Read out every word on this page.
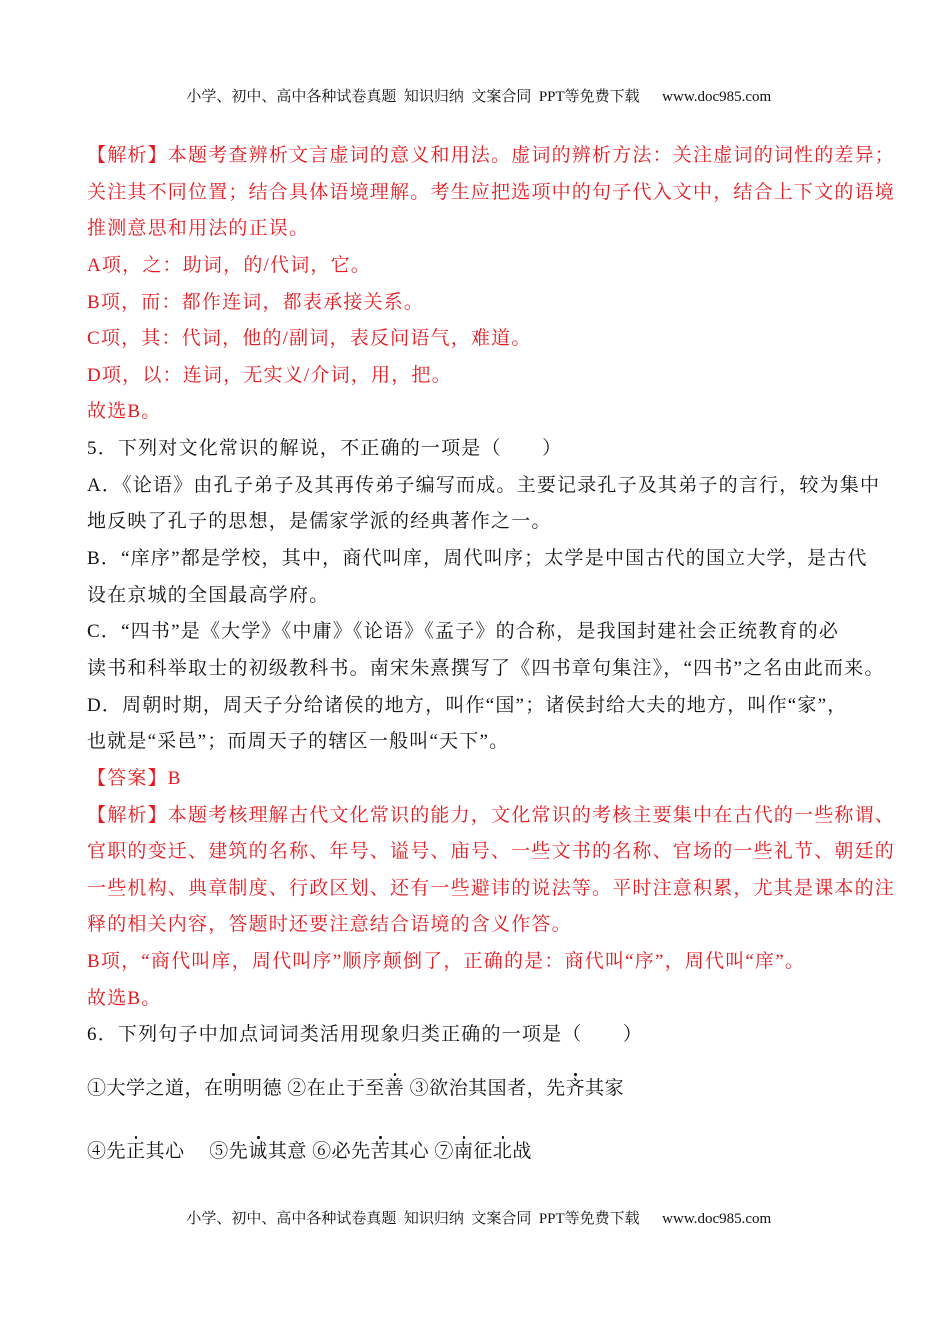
小学、初中、高中各种试卷真题  知识归纳  文案合同  PPT等免费下载 www.doc985.com

【解析】本题考查辨析文言虚词的意义和用法。虚词的辨析方法：关注虚词的词性的差异；
关注其不同位置；结合具体语境理解。考生应把选项中的句子代入文中，结合上下文的语境
推测意思和用法的正误。
A项，之：助词，的/代词，它。
B项，而：都作连词，都表承接关系。
C项，其：代词，他的/副词，表反问语气，难道。
D项，以：连词，无实义/介词，用，把。
故选B。
5．下列对文化常识的解说，不正确的一项是（　　）
A．《论语》由孔子弟子及其再传弟子编写而成。主要记录孔子及其弟子的言行，较为集中
地反映了孔子的思想，是儒家学派的经典著作之一。
B．“庠序”都是学校，其中，商代叫庠，周代叫序；太学是中国古代的国立大学，是古代
设在京城的全国最高学府。
C．“四书”是《大学》《中庸》《论语》《孟子》的合称，是我国封建社会正统教育的必
读书和科举取士的初级教科书。南宋朱熹撰写了《四书章句集注》，“四书”之名由此而来。
D．周朝时期，周天子分给诸侯的地方，叫作“国”；诸侯封给大夫的地方，叫作“家”，
也就是“采邑”；而周天子的辖区一般叫“天下”。
【答案】B
【解析】本题考核理解古代文化常识的能力，文化常识的考核主要集中在古代的一些称谓、
官职的变迁、建筑的名称、年号、谥号、庙号、一些文书的名称、官场的一些礼节、朝廷的
一些机构、典章制度、行政区划、还有一些避讳的说法等。平时注意积累，尤其是课本的注
释的相关内容，答题时还要注意结合语境的含义作答。
B项，“商代叫庠，周代叫序”顺序颠倒了，正确的是：商代叫“序”，周代叫“庠”。
故选B。
6．下列句子中加点词词类活用现象归类正确的一项是（　　）
①大学之道，在明明德 ②在止于至善 ③欲治其国者，先齐其家
④先正其心　 ⑤先诚其意 ⑥必先苦其心 ⑦南征北战

小学、初中、高中各种试卷真题  知识归纳  文案合同  PPT等免费下载 www.doc985.com
